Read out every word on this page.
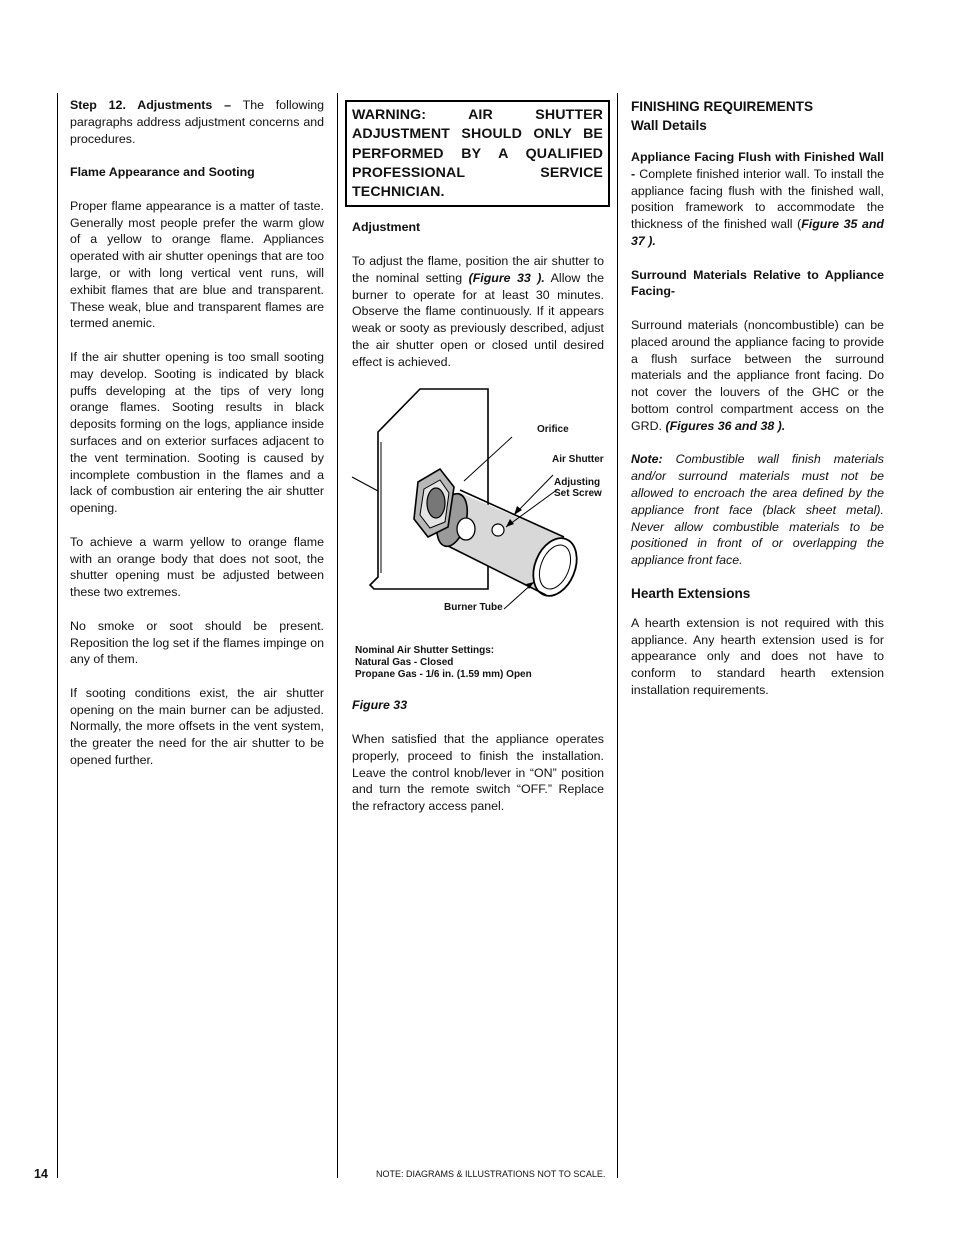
Step 12. Adjustments – The following paragraphs address adjustment concerns and procedures.

Flame Appearance and Sooting

Proper flame appearance is a matter of taste. Generally most people prefer the warm glow of a yellow to orange flame. Appliances operated with air shutter openings that are too large, or with long vertical vent runs, will exhibit flames that are blue and transparent. These weak, blue and transparent flames are termed anemic.

If the air shutter opening is too small sooting may develop. Sooting is indicated by black puffs developing at the tips of very long orange flames. Sooting results in black deposits forming on the logs, appliance inside surfaces and on exterior surfaces adjacent to the vent termination. Sooting is caused by incomplete combustion in the flames and a lack of combustion air entering the air shutter opening.

To achieve a warm yellow to orange flame with an orange body that does not soot, the shutter opening must be adjusted between these two extremes.

No smoke or soot should be present. Reposition the log set if the flames impinge on any of them.

If sooting conditions exist, the air shutter opening on the main burner can be adjusted. Normally, the more offsets in the vent system, the greater the need for the air shutter to be opened further.

WARNING: AIR SHUTTER ADJUSTMENT SHOULD ONLY BE PERFORMED BY A QUALIFIED PROFESSIONAL SERVICE TECHNICIAN.

Adjustment

To adjust the flame, position the air shutter to the nominal setting (Figure 33 ). Allow the burner to operate for at least 30 minutes. Observe the flame continuously. If it appears weak or sooty as previously described, adjust the air shutter open or closed until desired effect is achieved.

Orifice
Air Shutter
Adjusting
Set Screw
Burner Tube
Nominal Air Shutter Settings:
Natural Gas - Closed
Propane Gas - 1/6 in. (1.59 mm) Open

Figure 33

When satisfied that the appliance operates properly, proceed to finish the installation. Leave the control knob/lever in “ON” position and turn the remote switch “OFF.” Replace the refractory access panel.

FINISHING REQUIREMENTS
Wall Details

Appliance Facing Flush with Finished Wall - Complete finished interior wall. To install the appliance facing flush with the finished wall, position framework to accommodate the thickness of the finished wall (Figure 35 and 37 ).

Surround Materials Relative to Appliance Facing-

Surround materials (noncombustible) can be placed around the appliance facing to provide a flush surface between the surround materials and the appliance front facing. Do not cover the louvers of the GHC or the bottom control compartment access on the GRD. (Figures 36 and 38 ).

Note: Combustible wall finish materials and/or surround materials must not be allowed to encroach the area defined by the appliance front face (black sheet metal). Never allow combustible materials to be positioned in front of or overlapping the appliance front face.

Hearth Extensions

A hearth extension is not required with this appliance. Any hearth extension used is for appearance only and does not have to conform to standard hearth extension installation requirements.

14	NOTE: DIAGRAMS & ILLUSTRATIONS NOT TO SCALE.
